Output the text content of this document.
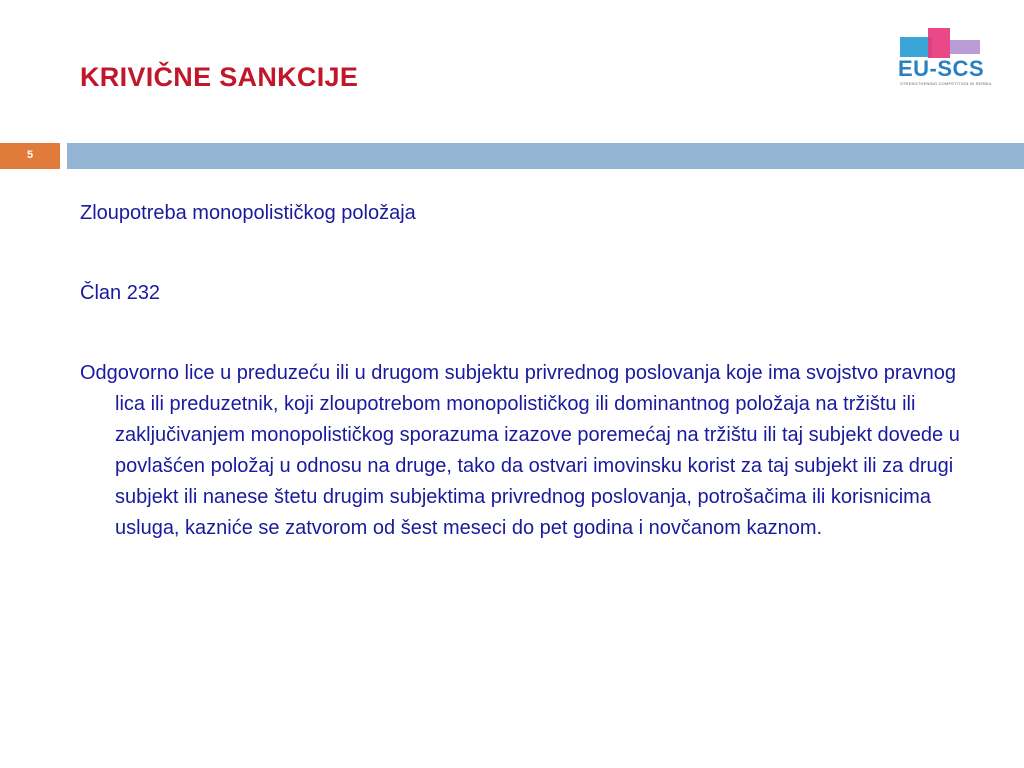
KRIVIČNE SANKCIJE	EU-SCS
STRENGTHENING COMPETITION IN SERBIA
5

Zloupotreba monopolističkog položaja

Član 232

Odgovorno lice u preduzeću ili u drugom subjektu privrednog poslovanja koje ima svojstvo pravnog lica ili preduzetnik, koji zloupotrebom monopolističkog ili dominantnog položaja na tržištu ili zaključivanjem monopolističkog sporazuma izazove poremećaj na tržištu ili taj subjekt dovede u povlašćen položaj u odnosu na druge, tako da ostvari imovinsku korist za taj subjekt ili za drugi subjekt ili nanese štetu drugim subjektima privrednog poslovanja, potrošačima ili korisnicima usluga, kazniće se zatvorom od šest meseci do pet godina i novčanom kaznom.
